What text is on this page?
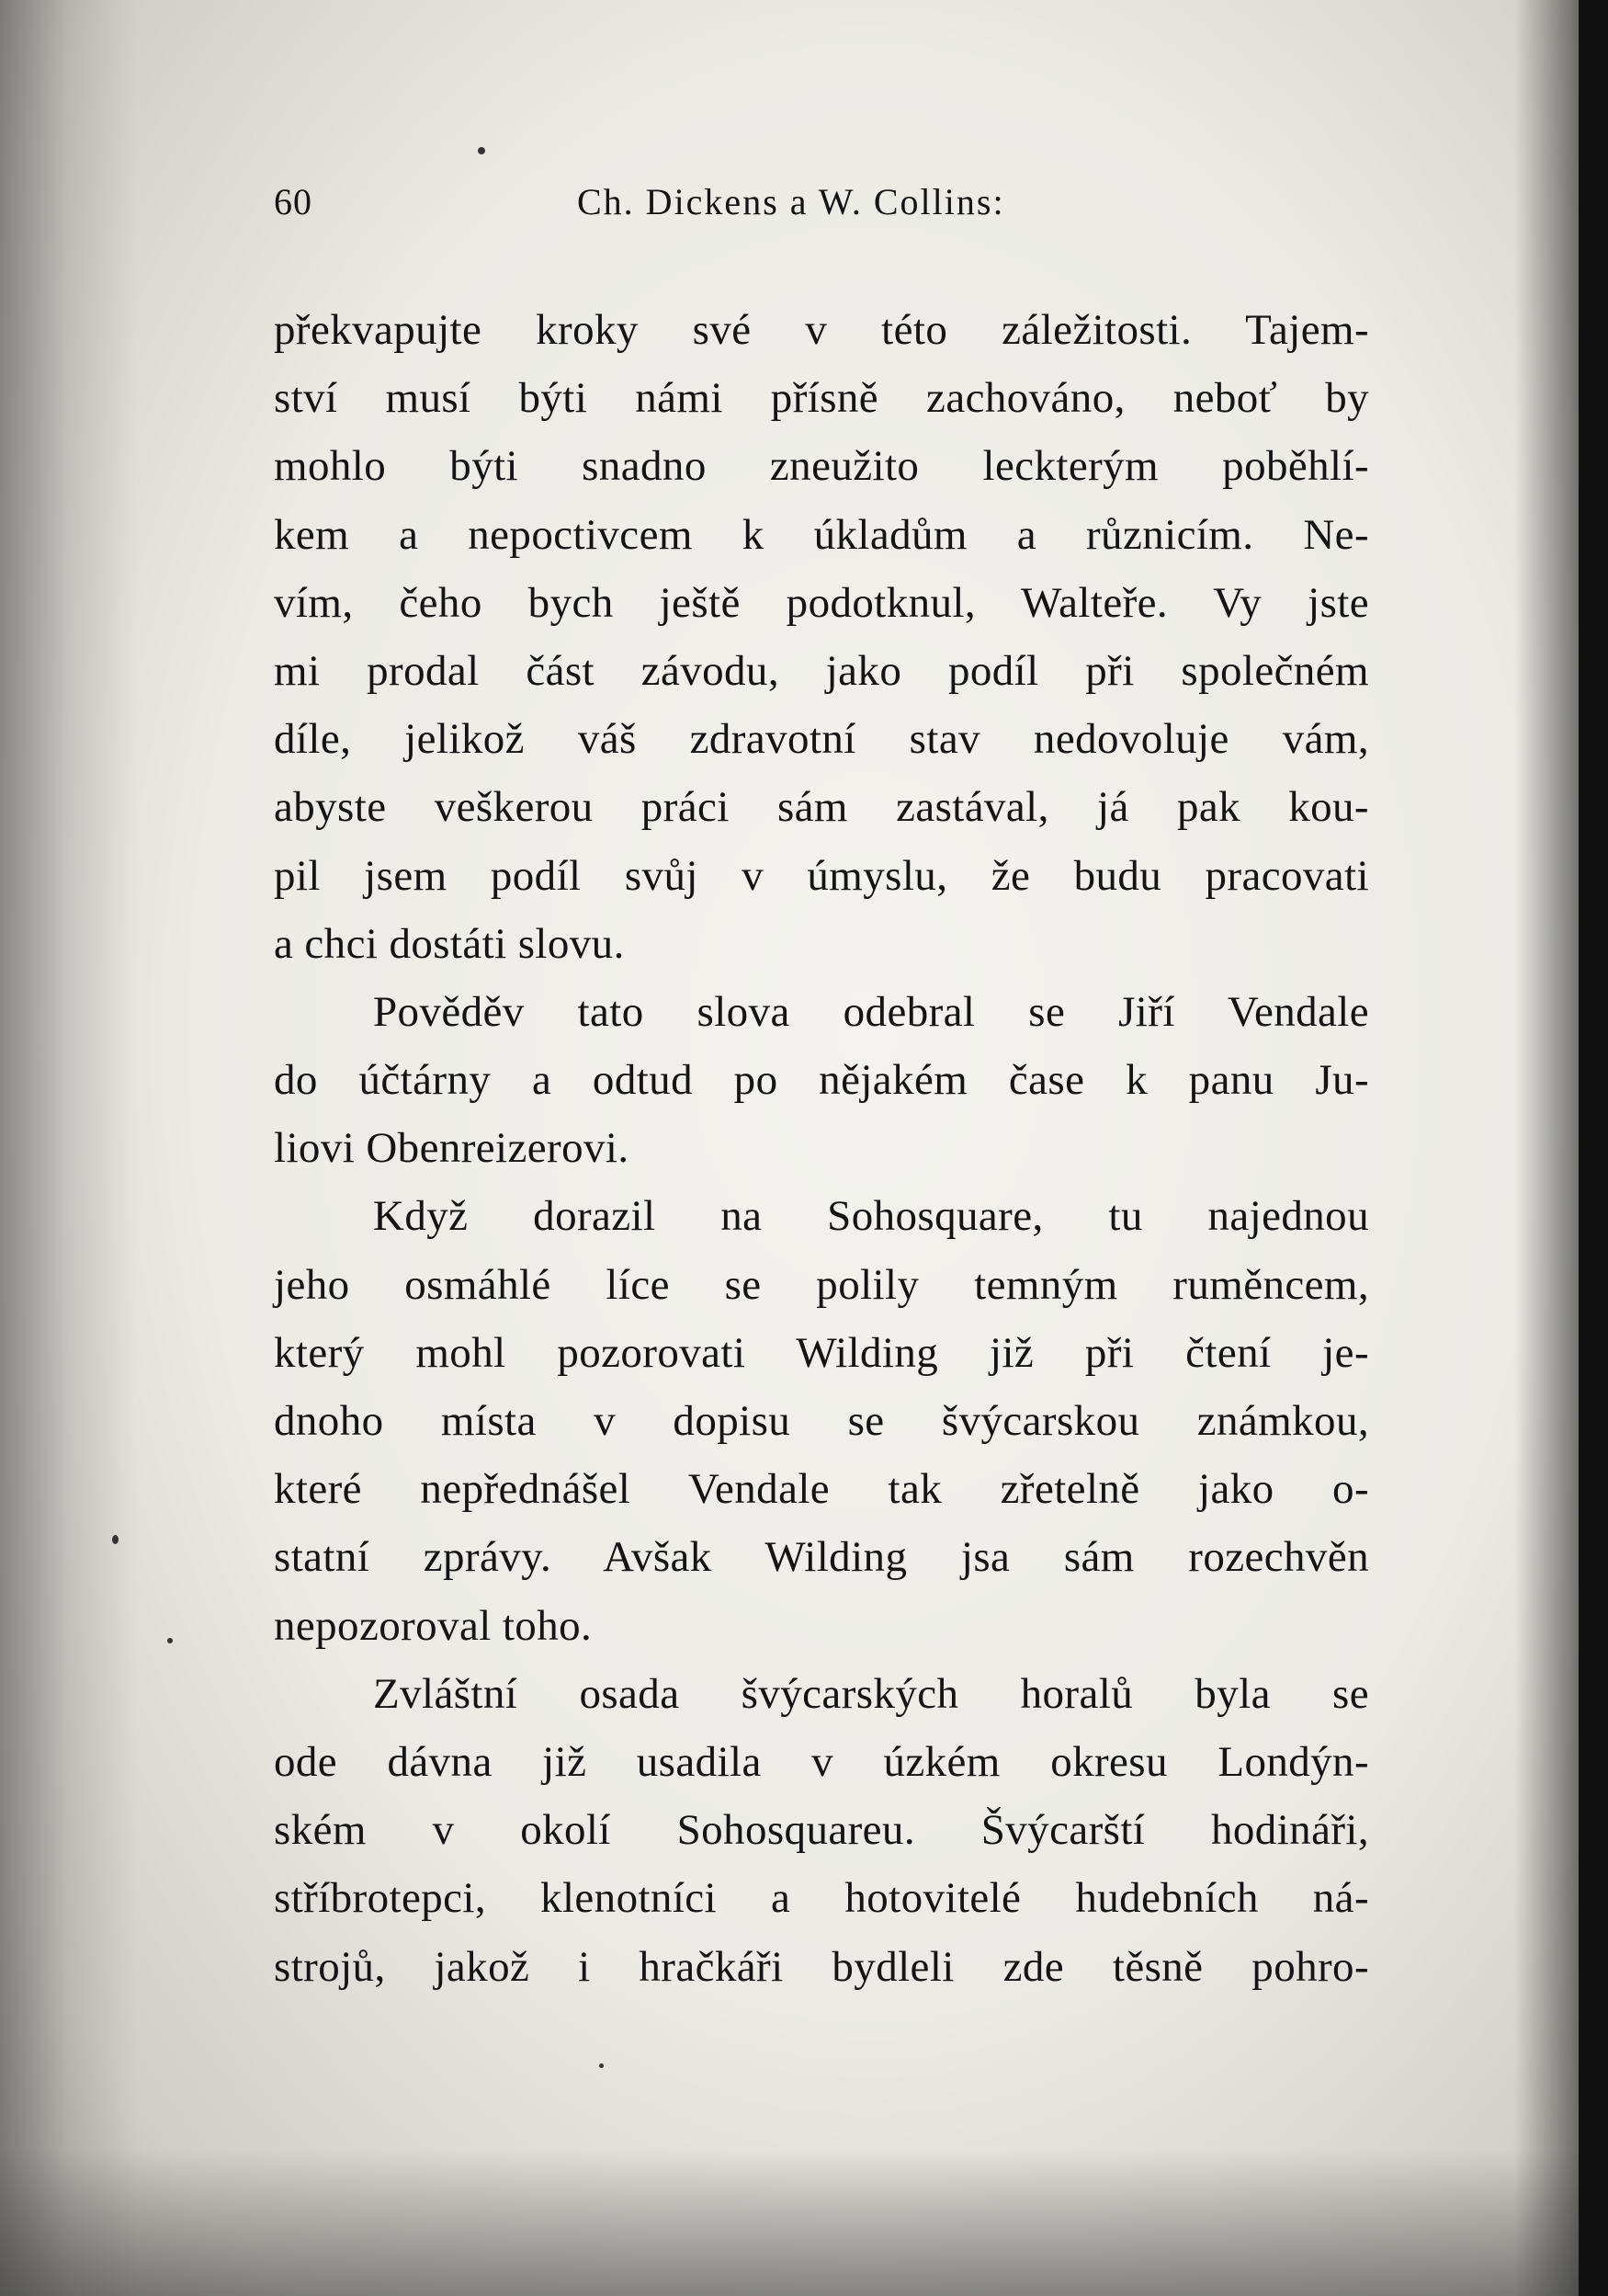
60	Ch. Dickens a W. Collins:
překvapujte kroky své v této záležitosti. Tajem-
ství musí býti námi přísně zachováno, neboť by
mohlo býti snadno zneužito leckterým poběhlí-
kem a nepoctivcem k úkladům a různicím. Ne-
vím, čeho bych ještě podotknul, Walteře. Vy jste
mi prodal část závodu, jako podíl při společném
díle, jelikož váš zdravotní stav nedovoluje vám,
abyste veškerou práci sám zastával, já pak kou-
pil jsem podíl svůj v úmyslu, že budu pracovati
a chci dostáti slovu.
Pověděv tato slova odebral se Jiří Vendale
do účtárny a odtud po nějakém čase k panu Ju-
liovi Obenreizerovi.
Když dorazil na Sohosquare, tu najednou
jeho osmáhlé líce se polily temným ruměncem,
který mohl pozorovati Wilding již při čtení je-
dnoho místa v dopisu se švýcarskou známkou,
které nepřednášel Vendale tak zřetelně jako o-
statní zprávy. Avšak Wilding jsa sám rozechvěn
nepozoroval toho.
Zvláštní osada švýcarských horalů byla se
ode dávna již usadila v úzkém okresu Londýn-
ském v okolí Sohosquareu. Švýcarští hodináři,
stříbrotepci, klenotníci a hotovitelé hudebních ná-
strojů, jakož i hračkáři bydleli zde těsně pohro-
